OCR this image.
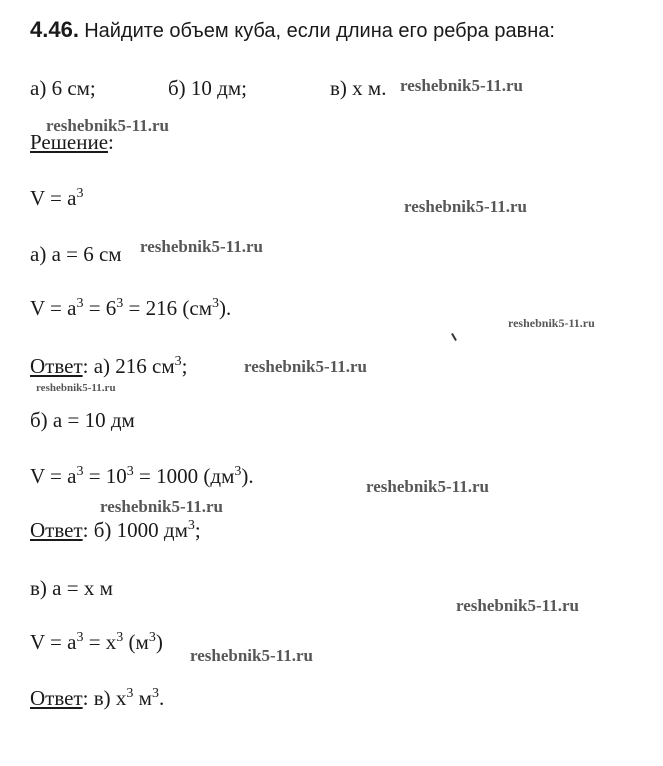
4.46. Найдите объем куба, если длина его ребра равна:
а) 6 см;	б) 10 дм;	в) х м.
Решение:
$V = a^3$
а) a = 6 см
$V = a^3 = 6^3 = 216$ $(см^3)$.
Ответ: а) 216 $см^3$;
б) a = 10 дм
$V = a^3 = 10^3 = 1000$ $(дм^3)$.
Ответ: б) 1000 $дм^3$;
в) a = х м
$V = a^3 = х^3$ $(м^3)$
Ответ: в) $х^3$ $м^3$.
reshebnik5-11.ru
reshebnik5-11.ru
reshebnik5-11.ru
reshebnik5-11.ru
reshebnik5-11.ru
reshebnik5-11.ru
reshebnik5-11.ru
reshebnik5-11.ru
reshebnik5-11.ru
reshebnik5-11.ru
reshebnik5-11.ru
